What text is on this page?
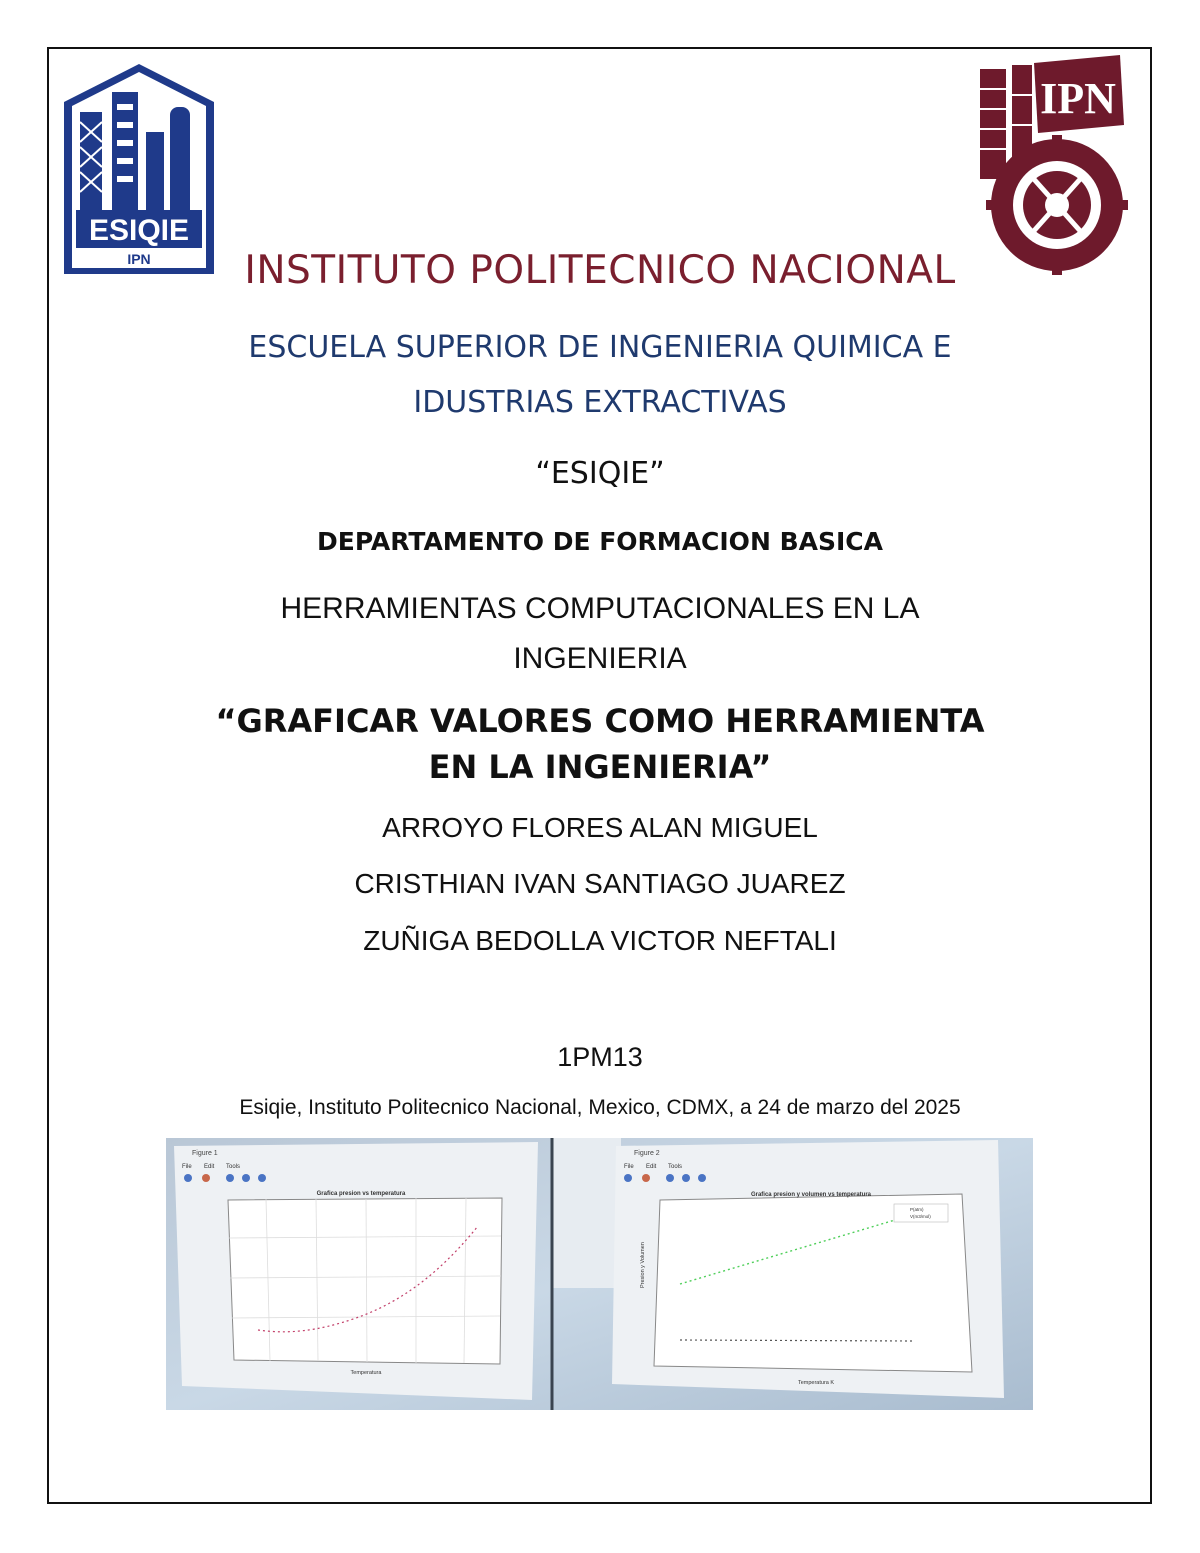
ESIQIE
IPN
IPN
INSTITUTO POLITECNICO NACIONAL
ESCUELA SUPERIOR DE INGENIERIA QUIMICA E
IDUSTRIAS EXTRACTIVAS
“ESIQIE”
DEPARTAMENTO DE FORMACION BASICA
HERRAMIENTAS COMPUTACIONALES EN LA
INGENIERIA
“GRAFICAR VALORES COMO HERRAMIENTA
EN LA INGENIERIA”
ARROYO FLORES ALAN MIGUEL
CRISTHIAN IVAN SANTIAGO JUAREZ
ZUÑIGA BEDOLLA VICTOR NEFTALI
1PM13
Esiqie, Instituto Politecnico Nacional, Mexico, CDMX, a 24 de marzo del 2025
Figure 1
File Edit Tools
Grafica presion vs temperatura
Temperatura
Figure 2
File Edit Tools
Grafica presion y volumen vs temperatura
Temperatura K
Presion y Volumen
P(atm)
V(m3/mol)
